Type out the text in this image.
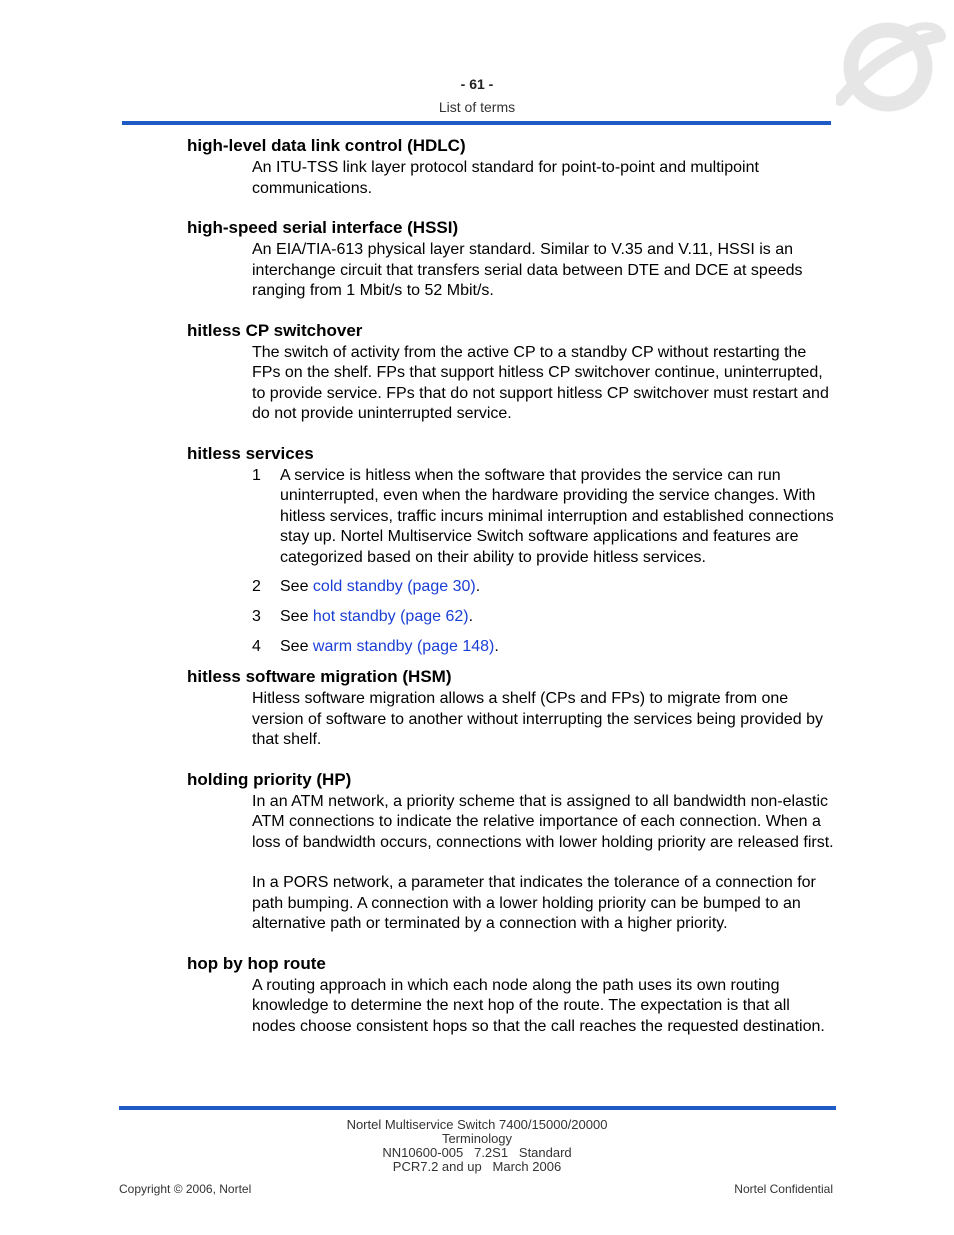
- 61 -
List of terms

high-level data link control (HDLC)

An ITU-TSS link layer protocol standard for point-to-point and multipoint communications.

high-speed serial interface (HSSI)

An EIA/TIA-613 physical layer standard. Similar to V.35 and V.11, HSSI is an interchange circuit that transfers serial data between DTE and DCE at speeds ranging from 1 Mbit/s to 52 Mbit/s.

hitless CP switchover

The switch of activity from the active CP to a standby CP without restarting the FPs on the shelf. FPs that support hitless CP switchover continue, uninterrupted, to provide service. FPs that do not support hitless CP switchover must restart and do not provide uninterrupted service.

hitless services

1	A service is hitless when the software that provides the service can run uninterrupted, even when the hardware providing the service changes. With hitless services, traffic incurs minimal interruption and established connections stay up. Nortel Multiservice Switch software applications and features are categorized based on their ability to provide hitless services.
2	See cold standby (page 30).
3	See hot standby (page 62).
4	See warm standby (page 148).

hitless software migration (HSM)

Hitless software migration allows a shelf (CPs and FPs) to migrate from one version of software to another without interrupting the services being provided by that shelf.

holding priority (HP)

In an ATM network, a priority scheme that is assigned to all bandwidth non-elastic ATM connections to indicate the relative importance of each connection. When a loss of bandwidth occurs, connections with lower holding priority are released first.

In a PORS network, a parameter that indicates the tolerance of a connection for path bumping. A connection with a lower holding priority can be bumped to an alternative path or terminated by a connection with a higher priority.

hop by hop route

A routing approach in which each node along the path uses its own routing knowledge to determine the next hop of the route. The expectation is that all nodes choose consistent hops so that the call reaches the requested destination.

Nortel Multiservice Switch 7400/15000/20000
Terminology
NN10600-005   7.2S1   Standard
PCR7.2 and up   March 2006
Copyright © 2006, Nortel	Nortel Confidential
